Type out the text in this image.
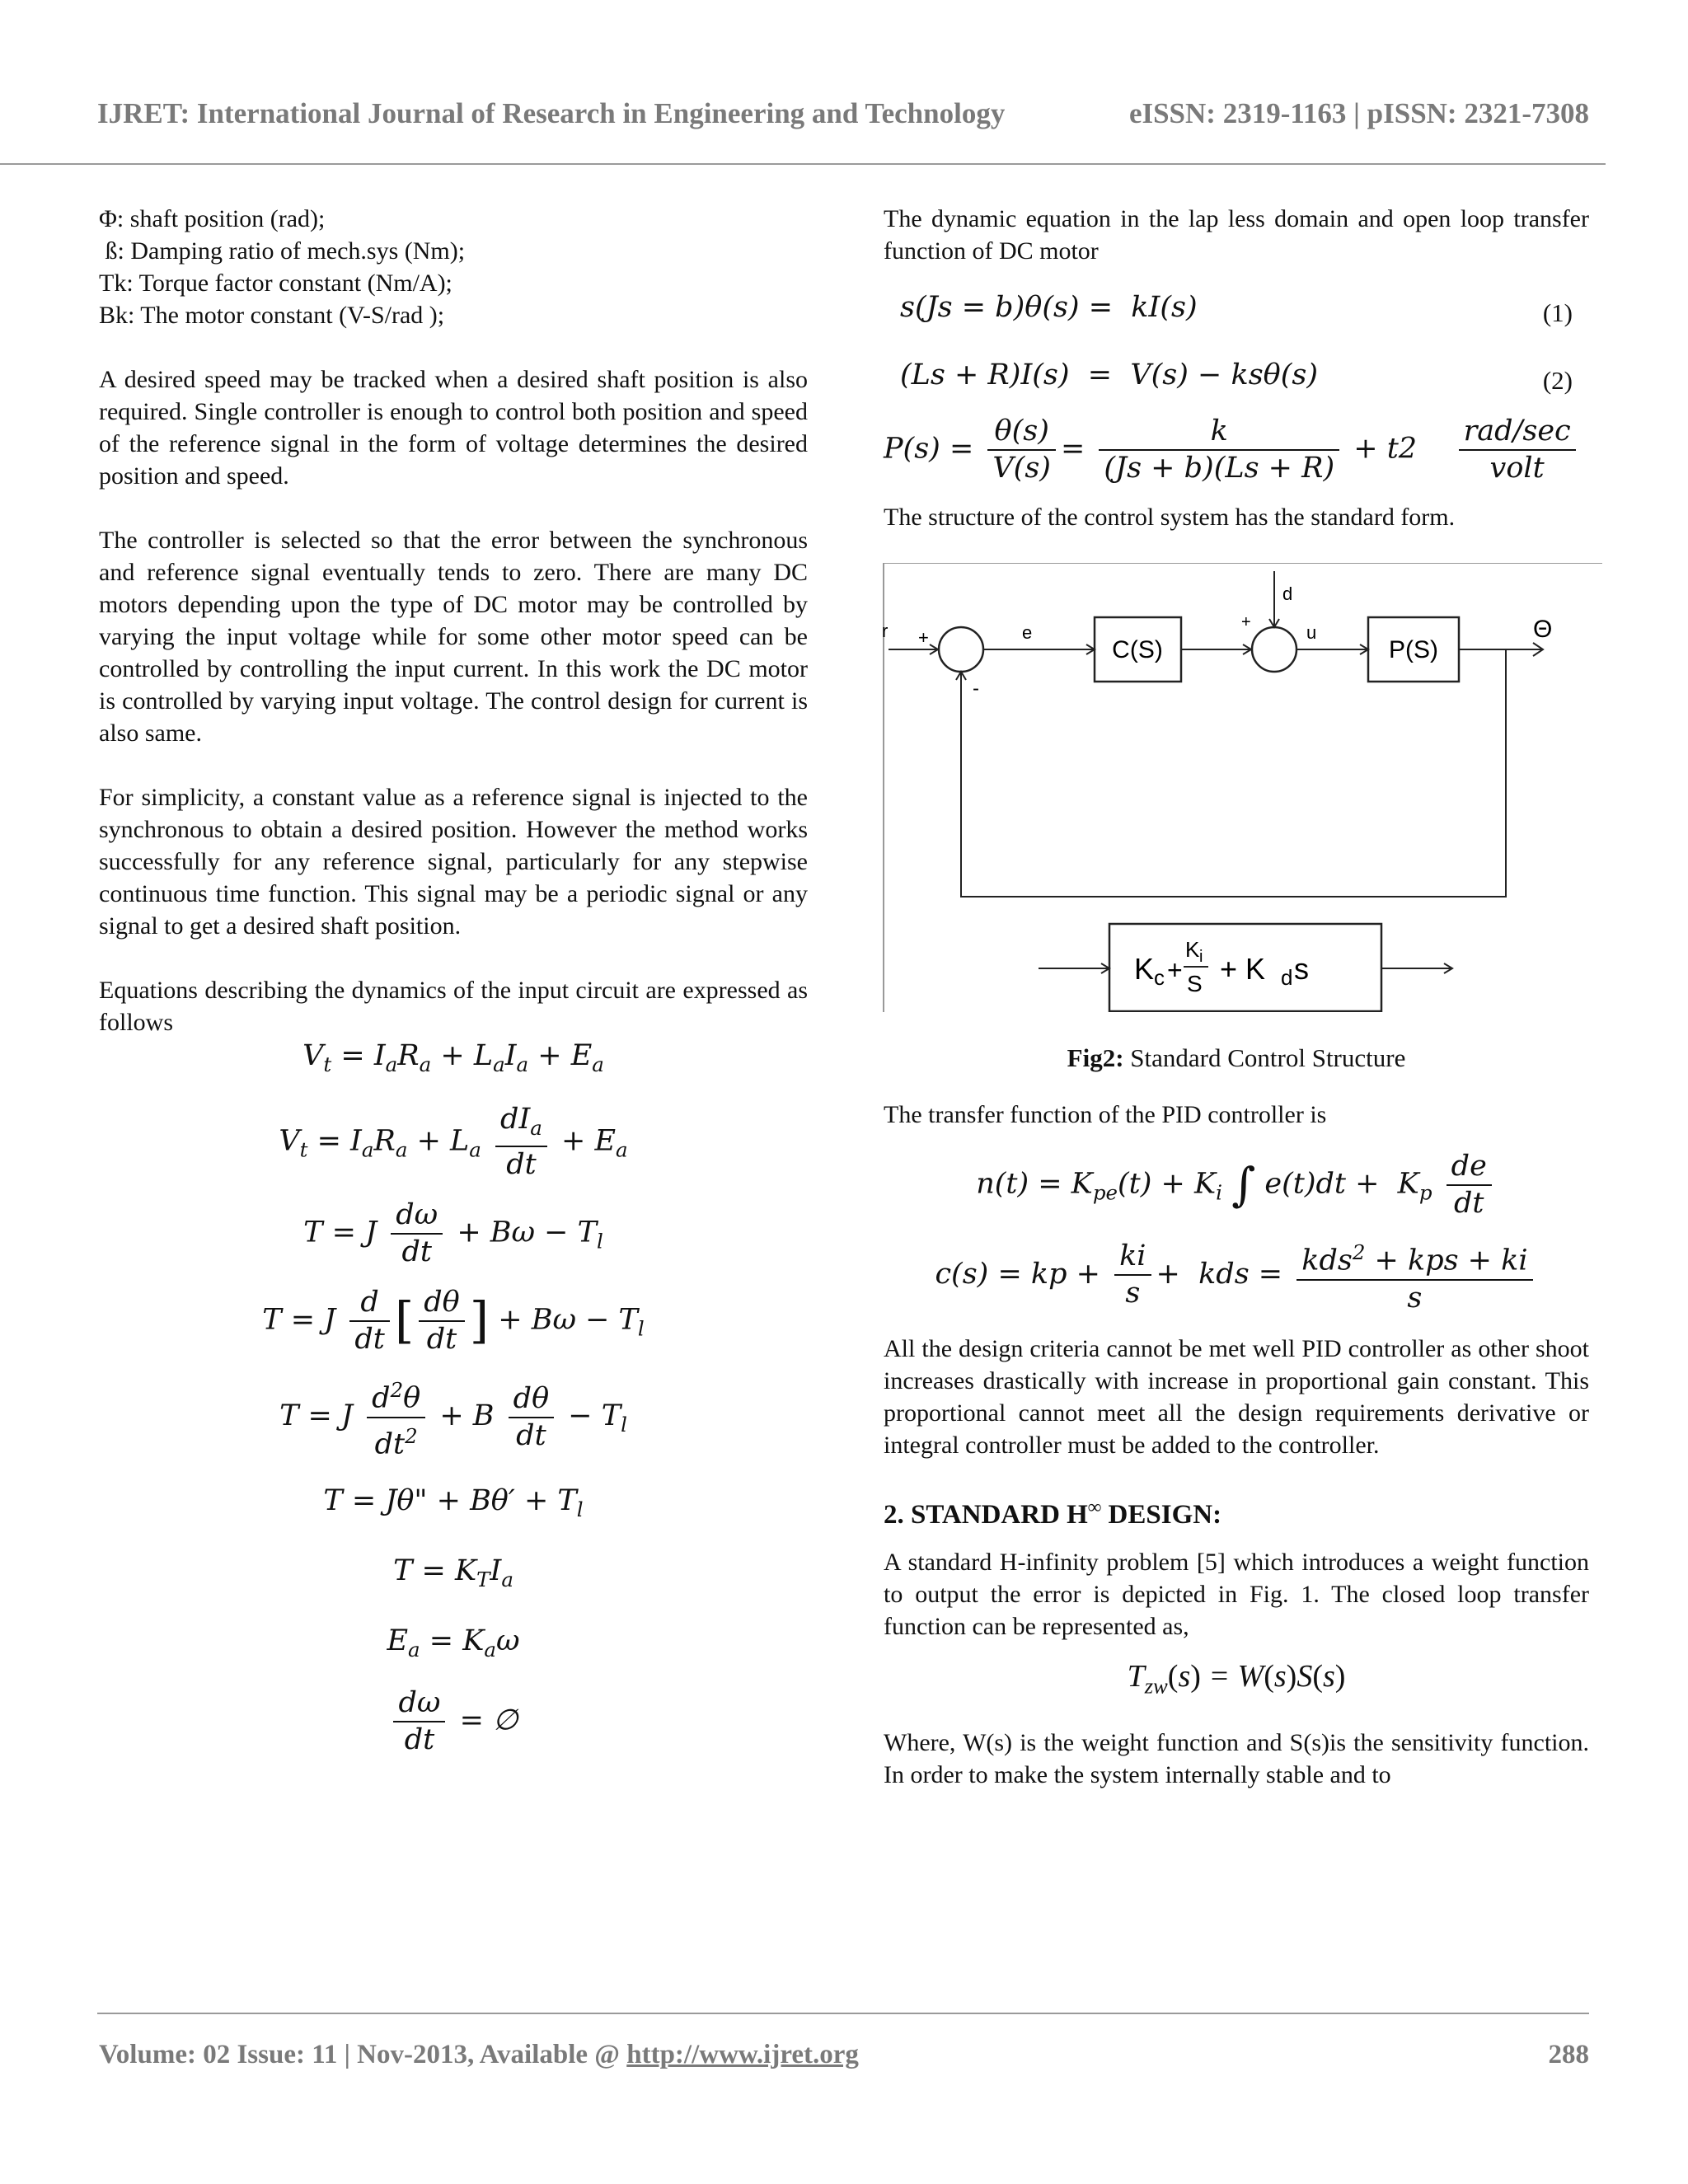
IJRET: International Journal of Research in Engineering and Technology	eISSN: 2319-1163 | pISSN: 2321-7308
Φ: shaft position (rad);
ß: Damping ratio of mech.sys (Nm);
Tk: Torque factor constant (Nm/A);
Bk: The motor constant (V-S/rad );

A desired speed may be tracked when a desired shaft position is also required. Single controller is enough to control both position and speed of the reference signal in the form of voltage determines the desired position and speed.

The controller is selected so that the error between the synchronous and reference signal eventually tends to zero. There are many DC motors depending upon the type of DC motor may be controlled by varying the input voltage while for some other motor speed can be controlled by controlling the input current. In this work the DC motor is controlled by varying input voltage. The control design for current is also same.

For simplicity, a constant value as a reference signal is injected to the synchronous to obtain a desired position. However the method works successfully for any reference signal, particularly for any stepwise continuous time function. This signal may be a periodic signal or any signal to get a desired shaft position.

Equations describing the dynamics of the input circuit are expressed as follows

$V_t = I_aR_a + L_aI_a + E_a$
$V_t = I_aR_a + L_a \frac{dI_a}{dt} + E_a$
T = J $\frac{d\omega}{dt} + B\omega - T_l$
T = J $\frac{d}{dt}$ [ $\frac{d\theta}{dt}$ ] + $B\omega - T_l$
T = J $\frac{d^2\theta}{dt^2} + B \frac{d\theta}{dt} - T_l$
T = Jθ" + $B\theta' + T_l$
$T = K_TI_a$
$E_a = K_a\omega$
$\frac{d\omega}{dt}$ = ∅

The dynamic equation in the lap less domain and open loop transfer function of DC motor

s(Js = b)θ(s) =  kI(s)	(1)
(Ls + R)I(s)  =  V(s) − ksθ(s)	(2)
$P(s) = \frac{\theta(s)}{V(s)} = \frac{k}{(Js + b)(Ls + R)} + t2 \frac{\text{rad/sec}}{\text{volt}}$

The structure of the control system has the standard form.

r +
-
e
C(S)
d
+	u
P(S)
Θ
K c +
K i
S + K d s
Fig2: Standard Control Structure

The transfer function of the PID controller is

$n(t) = K_{pe}(t) + K_i$ ∫ $e(t)dt + K_p \frac{de}{dt}$
c(s) = kp + $\frac{ki}{s}$ +  kds = $\frac{kds^2 + kps + ki}{s}$

All the design criteria cannot be met well PID controller as other shoot increases drastically with increase in proportional gain constant. This proportional cannot meet all the design requirements derivative or integral controller must be added to the controller.

2. STANDARD H∞ DESIGN:

A standard H-infinity problem [5] which introduces a weight function to output the error is depicted in Fig. 1. The closed loop transfer function can be represented as,

$T_{zw}(s) = W(s)S(s)$

Where, W(s) is the weight function and S(s)is the sensitivity function. In order to make the system internally stable and to

Volume: 02 Issue: 11 | Nov-2013, Available @ http://www.ijret.org	288
